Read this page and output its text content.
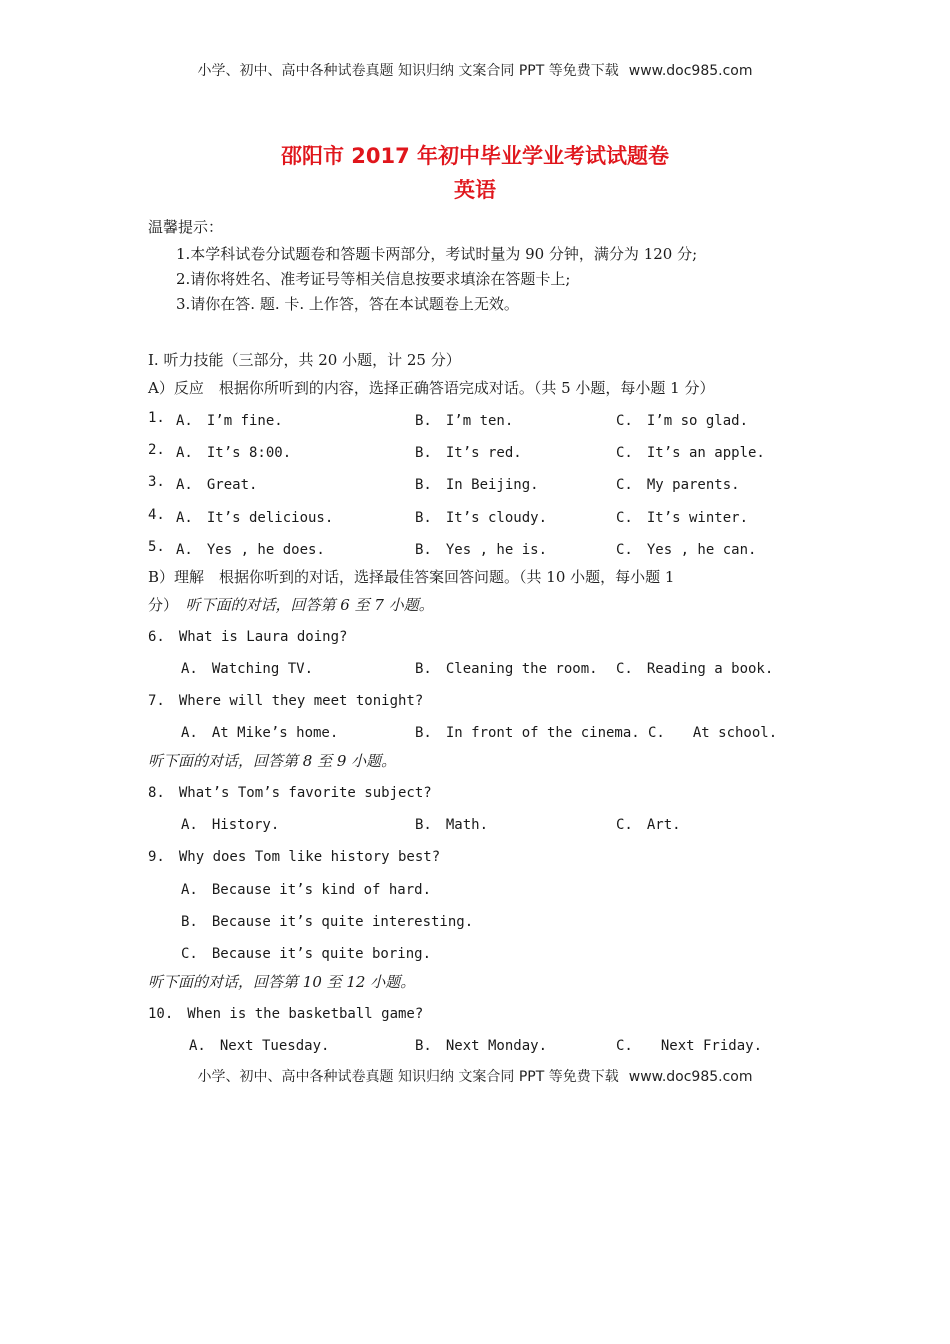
小学、初中、高中各种试卷真题 知识归纳 文案合同 PPT 等免费下载 www.doc985.com
邵阳市 2017 年初中毕业学业考试试题卷
英语
温馨提示：
1.本学科试卷分试题卷和答题卡两部分，考试时量为 90 分钟，满分为 120 分;
2.请你将姓名、准考证号等相关信息按要求填涂在答题卡上;
3.请你在答. 题. 卡. 上作答，答在本试题卷上无效。
Ⅰ. 听力技能（三部分，共 20 小题，计 25 分）
A）反应　根据你所听到的内容，选择正确答语完成对话。（共 5 小题，每小题 1 分）
1. A.　I’m fine.	B.　I’m ten.	C.　I’m so glad.
2. A.　It’s 8:00.	B.　It’s red.	C.　It’s an apple.
3. A.　Great.	B.　In Beijing.	C.　My parents.
4. A.　It’s delicious.	B.　It’s cloudy.	C.　It’s winter.
5. A.　Yes , he does.	B.　Yes , he is.	C.　Yes , he can.
B）理解　根据你听到的对话，选择最佳答案回答问题。（共 10 小题，每小题 1
分）　 听下面的对话，回答第 6 至 7 小题。
6.　What is Laura doing?
A.　Watching TV.	B.　Cleaning the room. C.　Reading a book.
7.　Where will they meet tonight?
A.　At Mike’s home.	B.　In front of the cinema. C.　　At school.
听下面的对话，回答第 8 至 9 小题。
8.　What’s Tom’s favorite subject?
A.　History.	B.　Math.	C.　Art.
9.　Why does Tom like history best?
A.　Because it’s kind of hard.
B.　Because it’s quite interesting.
C.　Because it’s quite boring.
听下面的对话，回答第 10 至 12 小题。
10.　When is the basketball game?
A.　Next Tuesday.	B.　Next Monday.	C.　　Next Friday.
小学、初中、高中各种试卷真题 知识归纳 文案合同 PPT 等免费下载 www.doc985.com
